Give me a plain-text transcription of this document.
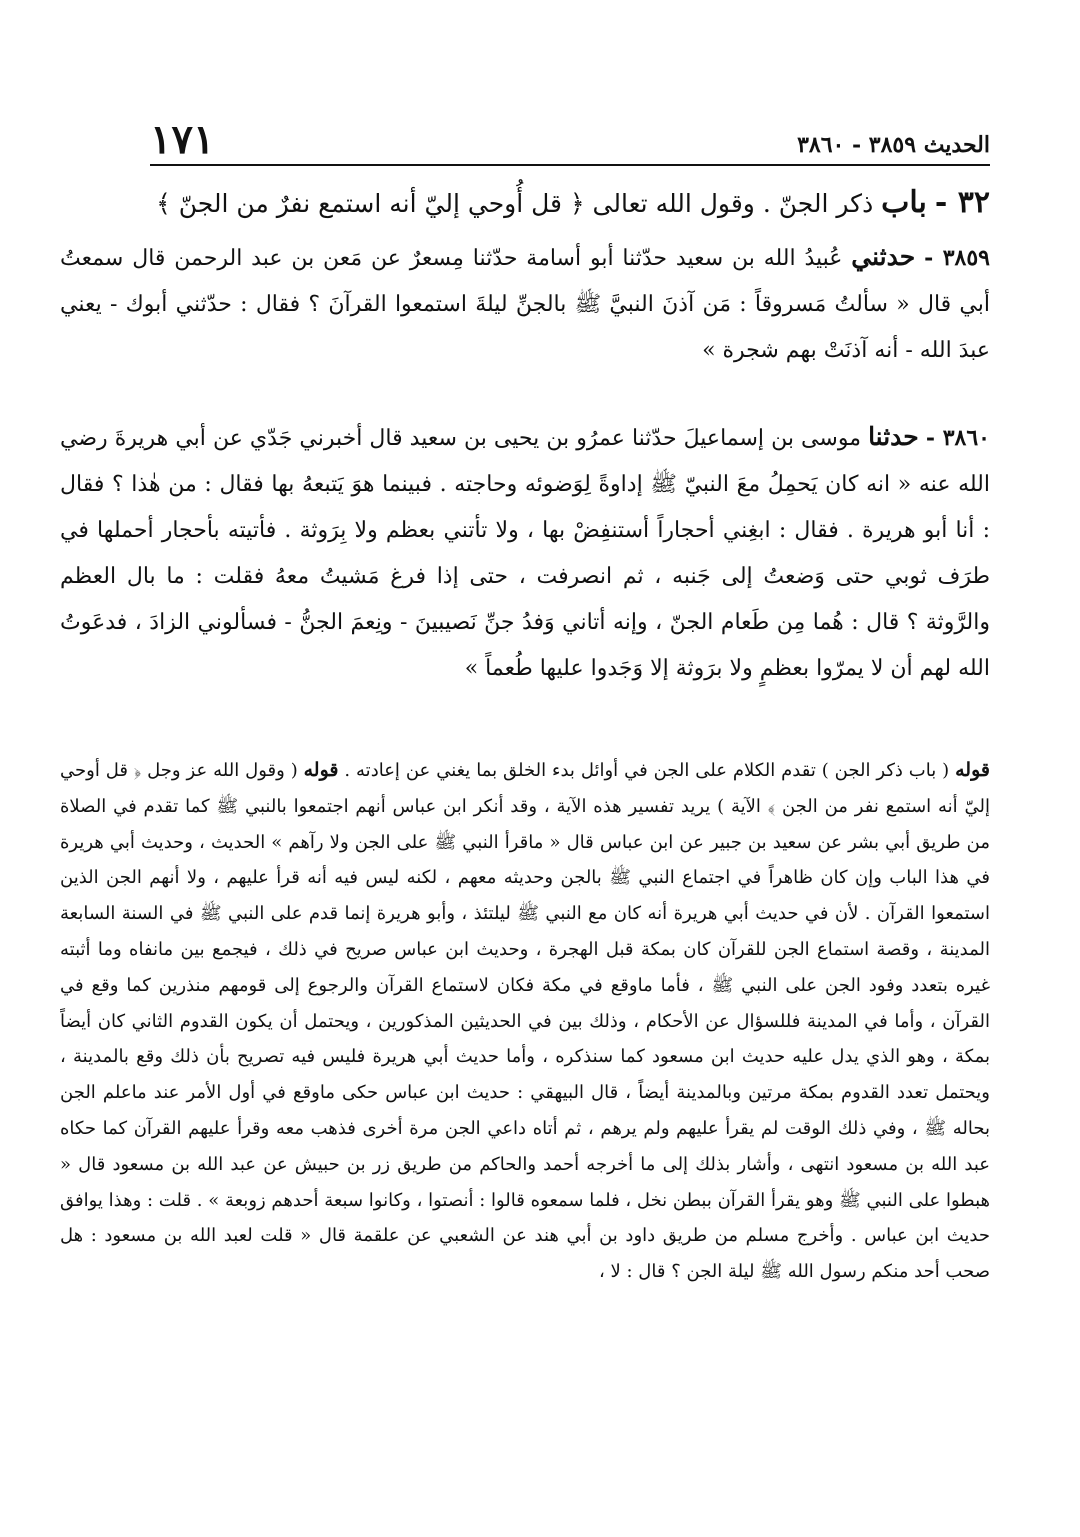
الحديث ٣٨٥٩ - ٣٨٦٠
١٧١
٣٢ - باب ذكر الجنّ . وقول الله تعالى ﴿ قل أُوحي إليّ أنه استمع نفرٌ من الجنّ ﴾
٣٨٥٩ - حدثني عُبيدُ الله بن سعيد حدّثنا أبو أسامة حدّثنا مِسعرٌ عن مَعن بن عبد الرحمن قال سمعتُ أبي قال « سألتُ مَسروقاً : مَن آذنَ النبيَّ ﷺ بالجنِّ ليلةَ استمعوا القرآنَ ؟ فقال : حدّثني أبوك - يعني عبدَ الله - أنه آذنَتْ بهم شجرة »
٣٨٦٠ - حدثنا موسى بن إسماعيلَ حدّثنا عمرُو بن يحيى بن سعيد قال أخبرني جَدّي عن أبي هريرةَ رضي الله عنه « انه كان يَحمِلُ معَ النبيّ ﷺ إداوةً لِوَضوئه وحاجته . فبينما هوَ يَتبعهُ بها فقال : من هٰذا ؟ فقال : أنا أبو هريرة . فقال : ابغِني أحجاراً أستنفِضْ بها ، ولا تأتني بعظم ولا بِرَوثة . فأتيته بأحجار أحملها في طرَف ثوبي حتى وَضعتُ إلى جَنبه ، ثم انصرفت ، حتى إذا فرغ مَشيتُ معهُ فقلت : ما بال العظم والرَّوثة ؟ قال : هُما مِن طَعام الجنّ ، وإنه أتاني وَفدُ جنِّ نَصيبينَ - ونِعمَ الجنُّ - فسألوني الزادَ ، فدعَوتُ الله لهم أن لا يمرّوا بعظمٍ ولا برَوثة إلا وَجَدوا عليها طُعماً »
قوله ( باب ذكر الجن ) تقدم الكلام على الجن في أوائل بدء الخلق بما يغني عن إعادته . قوله ( وقول الله عز وجل ﴿ قل أوحي إليّ أنه استمع نفر من الجن ﴾ الآية ) يريد تفسير هذه الآية ، وقد أنكر ابن عباس أنهم اجتمعوا بالنبي ﷺ كما تقدم في الصلاة من طريق أبي بشر عن سعيد بن جبير عن ابن عباس قال « ماقرأ النبي ﷺ على الجن ولا رآهم » الحديث ، وحديث أبي هريرة في هذا الباب وإن كان ظاهراً في اجتماع النبي ﷺ بالجن وحديثه معهم ، لكنه ليس فيه أنه قرأ عليهم ، ولا أنهم الجن الذين استمعوا القرآن . لأن في حديث أبي هريرة أنه كان مع النبي ﷺ ليلتئذ ، وأبو هريرة إنما قدم على النبي ﷺ في السنة السابعة المدينة ، وقصة استماع الجن للقرآن كان بمكة قبل الهجرة ، وحديث ابن عباس صريح في ذلك ، فيجمع بين مانفاه وما أثبته غيره بتعدد وفود الجن على النبي ﷺ ، فأما ماوقع في مكة فكان لاستماع القرآن والرجوع إلى قومهم منذرين كما وقع في القرآن ، وأما في المدينة فللسؤال عن الأحكام ، وذلك بين في الحديثين المذكورين ، ويحتمل أن يكون القدوم الثاني كان أيضاً بمكة ، وهو الذي يدل عليه حديث ابن مسعود كما سنذكره ، وأما حديث أبي هريرة فليس فيه تصريح بأن ذلك وقع بالمدينة ، ويحتمل تعدد القدوم بمكة مرتين وبالمدينة أيضاً ، قال البيهقي : حديث ابن عباس حكى ماوقع في أول الأمر عند ماعلم الجن بحاله ﷺ ، وفي ذلك الوقت لم يقرأ عليهم ولم يرهم ، ثم أتاه داعي الجن مرة أخرى فذهب معه وقرأ عليهم القرآن كما حكاه عبد الله بن مسعود انتهى ، وأشار بذلك إلى ما أخرجه أحمد والحاكم من طريق زر بن حبيش عن عبد الله بن مسعود قال « هبطوا على النبي ﷺ وهو يقرأ القرآن ببطن نخل ، فلما سمعوه قالوا : أنصتوا ، وكانوا سبعة أحدهم زوبعة » . قلت : وهذا يوافق حديث ابن عباس . وأخرج مسلم من طريق داود بن أبي هند عن الشعبي عن علقمة قال « قلت لعبد الله بن مسعود : هل صحب أحد منكم رسول الله ﷺ ليلة الجن ؟ قال : لا ،
